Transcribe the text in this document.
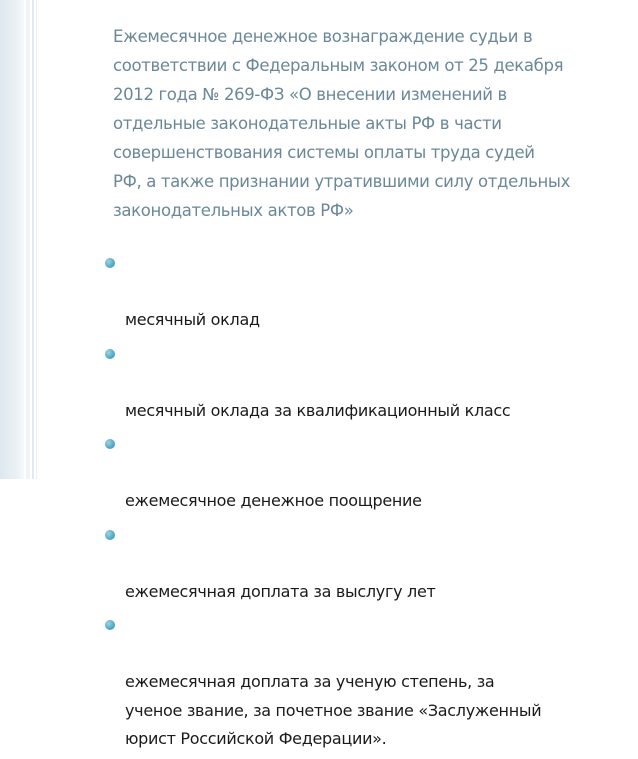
Ежемесячное денежное вознаграждение судьи в
соответствии с Федеральным законом от 25 декабря
2012 года № 269-ФЗ «О внесении изменений в
отдельные законодательные акты РФ в части
совершенствования системы оплаты труда судей
РФ, а также признании утратившими силу отдельных
законодательных актов РФ»

месячный оклад

месячный оклада за квалификационный класс

ежемесячное денежное поощрение

ежемесячная доплата за выслугу лет

ежемесячная доплата за ученую степень, за
ученое звание, за почетное звание «Заслуженный
юрист Российской Федерации».
